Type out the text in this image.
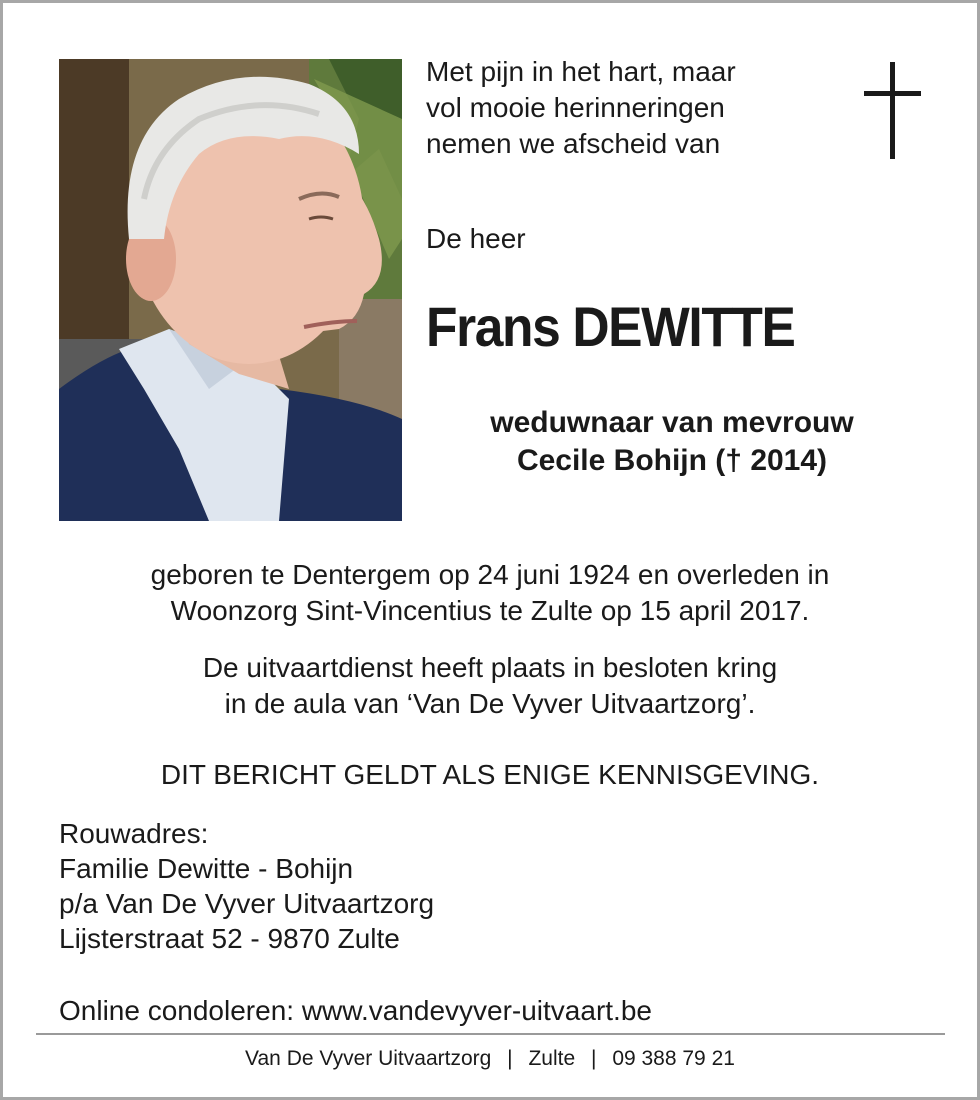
Met pijn in het hart, maar
vol mooie herinneringen
nemen we afscheid van
De heer
Frans DEWITTE
weduwnaar van mevrouw
Cecile Bohijn († 2014)
geboren te Dentergem op 24 juni 1924 en overleden in
Woonzorg Sint-Vincentius te Zulte op 15 april 2017.
De uitvaartdienst heeft plaats in besloten kring
in de aula van ‘Van De Vyver Uitvaartzorg’.
DIT BERICHT GELDT ALS ENIGE KENNISGEVING.
Rouwadres:
Familie Dewitte - Bohijn
p/a Van De Vyver Uitvaartzorg
Lijsterstraat 52 - 9870 Zulte
Online condoleren: www.vandevyver-uitvaart.be
Van De Vyver Uitvaartzorg | Zulte | 09 388 79 21
